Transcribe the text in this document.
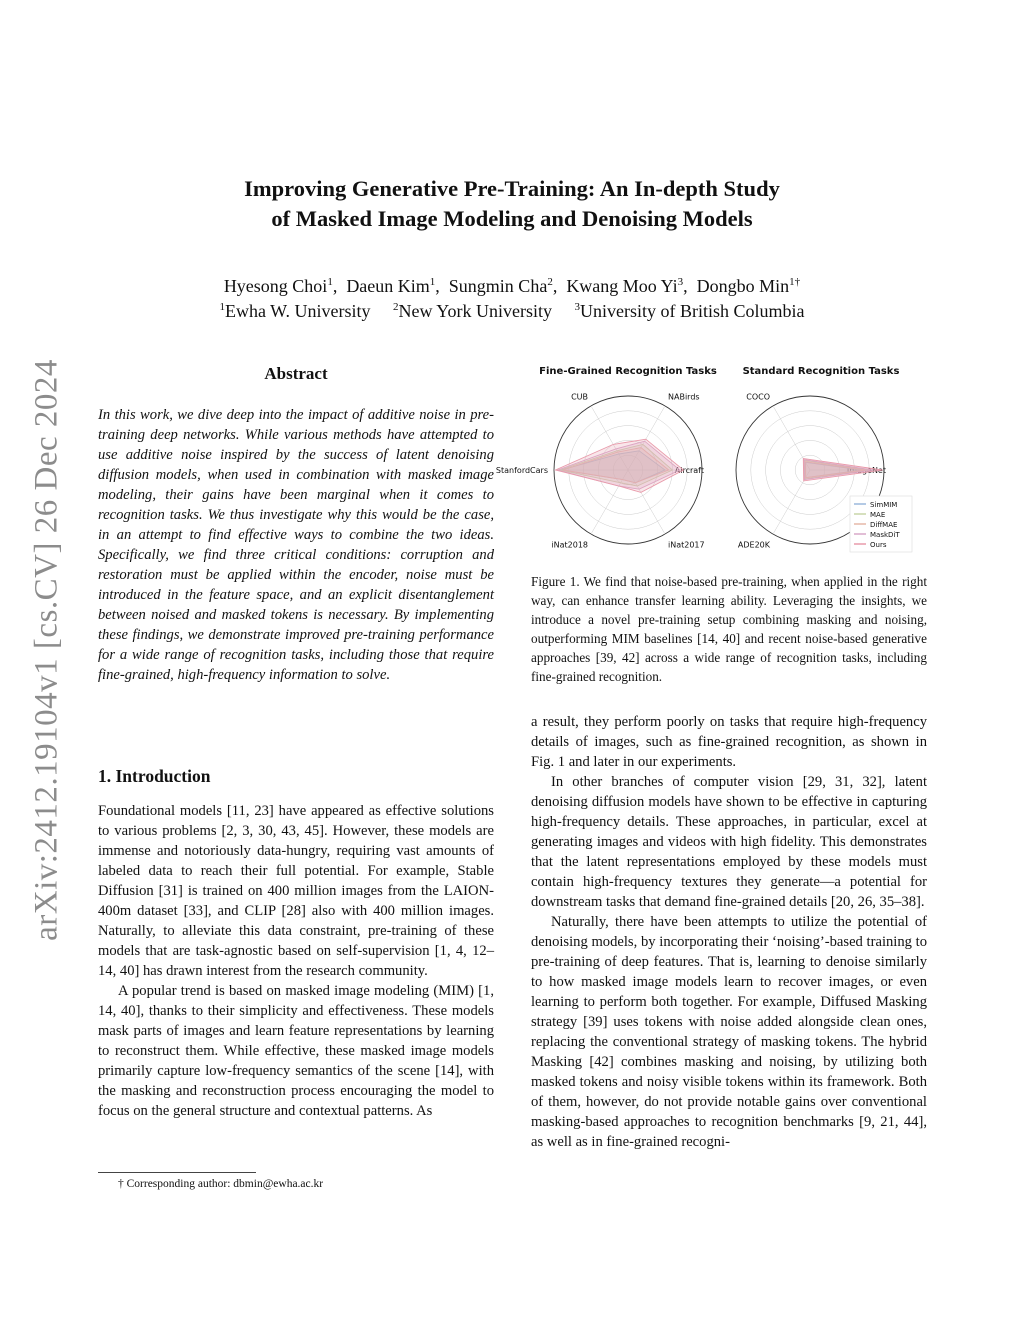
arXiv:2412.19104v1 [cs.CV] 26 Dec 2024
Improving Generative Pre-Training: An In-depth Study
of Masked Image Modeling and Denoising Models
Hyesong Choi$^1$,  Daeun Kim$^1$,  Sungmin Cha$^2$,  Kwang Moo Yi$^3$,  Dongbo Min$^{1\dagger}$
$^1$Ewha W. University $^2$New York University $^3$University of British Columbia
Abstract
In this work, we dive deep into the impact of additive noise in pre-training deep networks. While various methods have attempted to use additive noise inspired by the success of latent denoising diffusion models, when used in combination with masked image modeling, their gains have been marginal when it comes to recognition tasks. We thus investigate why this would be the case, in an attempt to find effective ways to combine the two ideas. Specifically, we find three critical conditions: corruption and restoration must be applied within the encoder, noise must be introduced in the feature space, and an explicit disentanglement between noised and masked tokens is necessary. By implementing these findings, we demonstrate improved pre-training performance for a wide range of recognition tasks, including those that require fine-grained, high-frequency information to solve.
1. Introduction

Foundational models [11, 23] have appeared as effective solutions to various problems [2, 3, 30, 43, 45]. However, these models are immense and notoriously data-hungry, requiring vast amounts of labeled data to reach their full potential. For example, Stable Diffusion [31] is trained on 400 million images from the LAION-400m dataset [33], and CLIP [28] also with 400 million images. Naturally, to alleviate this data constraint, pre-training of these models that are task-agnostic based on self-supervision [1, 4, 12–14, 40] has drawn interest from the research community.

A popular trend is based on masked image modeling (MIM) [1, 14, 40], thanks to their simplicity and effectiveness. These models mask parts of images and learn feature representations by learning to reconstruct them. While effective, these masked image models primarily capture low-frequency semantics of the scene [14], with the masking and reconstruction process encouraging the model to focus on the general structure and contextual patterns. As

† Corresponding author: dbmin@ewha.ac.kr
Fine-Grained Recognition Tasks	Standard Recognition Tasks
NABirds
CUB
StanfordCars
iNat2018	iNat2017
Aircraft	ImageNet
COCO
ADE20K
SimMIM
MAE
DiffMAE
MaskDiT
Ours
Figure 1. We find that noise-based pre-training, when applied in the right way, can enhance transfer learning ability. Leveraging the insights, we introduce a novel pre-training setup combining masking and noising, outperforming MIM baselines [14, 40] and recent noise-based generative approaches [39, 42] across a wide range of recognition tasks, including fine-grained recognition.

a result, they perform poorly on tasks that require high-frequency details of images, such as fine-grained recognition, as shown in Fig. 1 and later in our experiments.

In other branches of computer vision [29, 31, 32], latent denoising diffusion models have shown to be effective in capturing high-frequency details. These approaches, in particular, excel at generating images and videos with high fidelity. This demonstrates that the latent representations employed by these models must contain high-frequency textures they generate—a potential for downstream tasks that demand fine-grained details [20, 26, 35–38].

Naturally, there have been attempts to utilize the potential of denoising models, by incorporating their ‘noising’-based training to pre-training of deep features. That is, learning to denoise similarly to how masked image models learn to recover images, or even learning to perform both together. For example, Diffused Masking strategy [39] uses tokens with noise added alongside clean ones, replacing the conventional strategy of masking tokens. The hybrid Masking [42] combines masking and noising, by utilizing both masked tokens and noisy visible tokens within its framework. Both of them, however, do not provide notable gains over conventional masking-based approaches to recognition benchmarks [9, 21, 44], as well as in fine-grained recogni-
